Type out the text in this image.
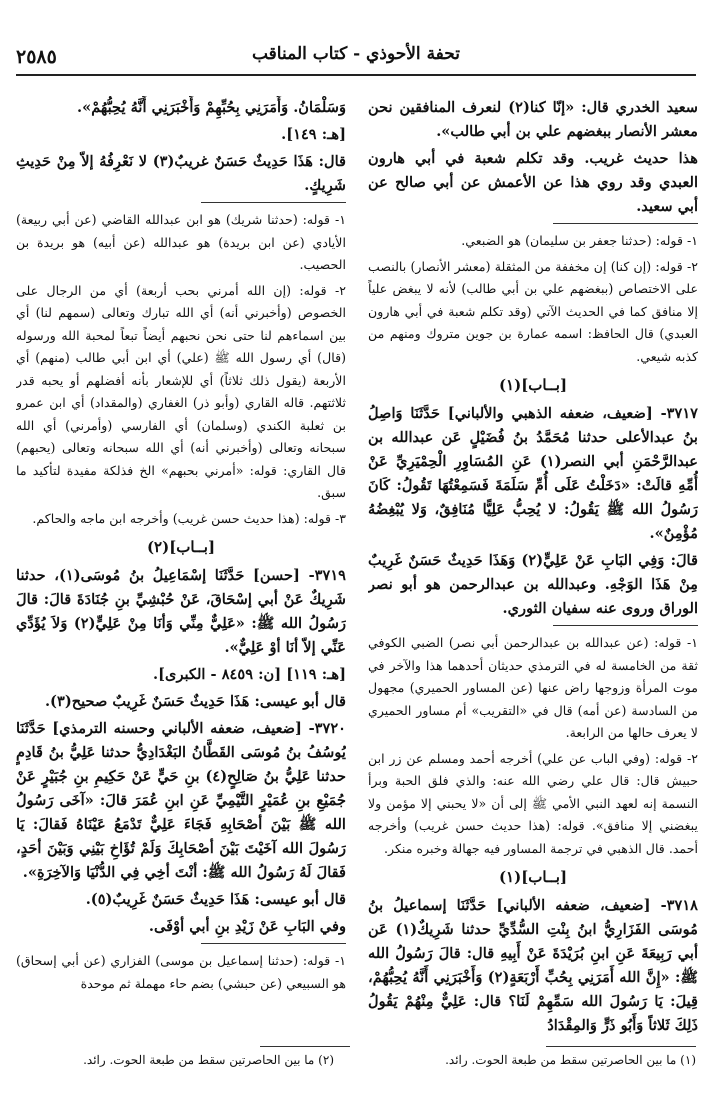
٢٥٨٥	تحفة الأحوذي - كتاب المناقب

سعيد الخدري قال: «إنّا كنا(٢) لنعرف المنافقين نحن معشر الأنصار ببغضهم علي بن أبي طالب».

هذا حديث غريب. وقد تكلم شعبة في أبي هارون العبدي وقد روي هذا عن الأعمش عن أبي صالح عن أبي سعيد.

١- قوله: (حدثنا جعفر بن سليمان) هو الضبعي.

٢- قوله: (إن كنا) إن مخففة من المثقلة (معشر الأنصار) بالنصب على الاختصاص (ببغضهم علي بن أبي طالب) لأنه لا يبغض علياً إلا منافق كما في الحديث الآتي (وقد تكلم شعبة في أبي هارون العبدي) قال الحافظ: اسمه عمارة بن جوين متروك ومنهم من كذبه شيعي.

[بــاب](١)

٣٧١٧- [ضعيف، ضعفه الذهبي والألباني] حَدَّثَنَا وَاصِلُ بنُ عبدالأعلى حدثنا مُحَمَّدُ بنُ فُضَيْلٍ عَن عبدالله بن عبدالرَّحْمَنِ أبي النصر(١) عَنِ المُسَاوِرِ الْحِمْيَرِيِّ عَنْ أُمِّهِ قالَتْ: «دَخَلْتُ عَلَى أُمِّ سَلَمَةَ فَسَمِعْتُهَا تَقُولُ: كَانَ رَسُولُ الله ﷺ يَقُولُ: لا يُحِبُّ عَلِيًّا مُنَافِقٌ، وَلا يُبْغِضُهُ مُؤْمِنٌ».

قالَ: وَفِي البَابِ عَنْ عَلِيٍّ(٢) وَهَذَا حَدِيثٌ حَسَنٌ غَرِيبٌ مِنْ هَذَا الوَجْهِ. وعبدالله بن عبدالرحمن هو أبو نصر الوراق وروى عنه سفيان الثوري.

١- قوله: (عن عبدالله بن عبدالرحمن أبي نصر) الضبي الكوفي ثقة من الخامسة له في الترمذي حديثان أحدهما هذا والآخر في موت المرأة وزوجها راض عنها (عن المساور الحميري) مجهول من السادسة (عن أمه) قال في «التقريب» أم مساور الحميري لا يعرف حالها من الرابعة.

٢- قوله: (وفي الباب عن علي) أخرجه أحمد ومسلم عن زر ابن حبيش قال: قال علي رضي الله عنه: والذي فلق الحبة وبرأ النسمة إنه لعهد النبي الأمي ﷺ إلى أن «لا يحبني إلا مؤمن ولا يبغضني إلا منافق». قوله: (هذا حديث حسن غريب) وأخرجه أحمد. قال الذهبي في ترجمة المساور فيه جهالة وخبره منكر.

[بــاب](١)

٣٧١٨- [ضعيف، ضعفه الألباني] حَدَّثَنَا إسماعيلُ بنُ مُوسَى الفَزَارِيُّ ابنُ بِنْتِ السُّدِّيِّ حدثنا شَرِيكٌ(١) عَن أبي رَبِيعَةَ عَنِ ابنِ بُرَيْدَةَ عَنْ أَبِيهِ قال: قالَ رَسُولُ الله ﷺ: «إِنَّ الله أَمَرَنِي بِحُبِّ أَرْبَعَةٍ(٢) وَأَخْبَرَنِي أَنَّهُ يُحِبُّهُمْ، قِيلَ: يَا رَسُولَ الله سَمِّهِمْ لَنَا؟ قال: عَلِيٌّ مِنْهُمْ يَقُولُ ذَلِكَ ثَلاثاً وَأَبُو ذَرٍّ وَالمِقْدَادُ

وَسَلْمَانُ. وَأَمَرَنِي بِحُبِّهِمْ وَأَخْبَرَنِي أَنَّهُ يُحِبُّهُمْ».

[هـ: ١٤٩].

قال: هَذَا حَدِيثٌ حَسَنٌ غريبٌ(٣) لا نَعْرِفُهُ إلاّ مِنْ حَدِيثِ شَرِيكٍ.

١- قوله: (حدثنا شريك) هو ابن عبدالله القاضي (عن أبي ربيعة) الأيادي (عن ابن بريدة) هو عبدالله (عن أبيه) هو بريدة بن الحصيب.

٢- قوله: (إن الله أمرني بحب أربعة) أي من الرجال على الخصوص (وأخبرني أنه) أي الله تبارك وتعالى (سمهم لنا) أي بين اسماءهم لنا حتى نحن نحبهم أيضاً تبعاً لمحبة الله ورسوله (قال) أي رسول الله ﷺ (علي) أي ابن أبي طالب (منهم) أي الأربعة (يقول ذلك ثلاثاً) أي للإشعار بأنه أفضلهم أو يحبه قدر ثلاثتهم. قاله القاري (وأبو ذر) الغفاري (والمقداد) أي ابن عمرو بن ثعلبة الكندي (وسلمان) أي الفارسي (وأمرني) أي الله سبحانه وتعالى (وأخبرني أنه) أي الله سبحانه وتعالى (يحبهم) قال القاري: قوله: «أمرني بحبهم» الخ فذلكة مفيدة لتأكيد ما سبق.

٣- قوله: (هذا حديث حسن غريب) وأخرجه ابن ماجه والحاكم.

[بــاب](٢)

٣٧١٩- [حسن] حَدَّثَنَا إسْمَاعِيلُ بنُ مُوسَى(١)، حدثنا شَرِيكٌ عَنْ أبي إسْحَاقَ، عَنْ حُبْشِيِّ بنِ جُنَادَةَ قالَ: قالَ رَسُولُ الله ﷺ: «عَلِيٌّ مِنِّي وَأنَا مِنْ عَلِيٍّ(٢) وَلاَ يُؤَدِّي عَنِّي إلاّ أنَا أوْ عَلِيٌّ».

[هـ: ١١٩] [ن: ٨٤٥٩ - الكبرى].

قال أبو عيسى: هَذَا حَدِيثٌ حَسَنٌ غَرِيبٌ صحيح(٣).

٣٧٢٠- [ضعيف، ضعفه الألباني وحسنه الترمذي] حَدَّثَنَا يُوسُفُ بنُ مُوسَى القَطَّانُ البَغْدَادِيُّ حدثنا عَلِيُّ بنُ قَادِمٍ حدثنا عَلِيُّ بنُ صَالِحٍ(٤) بنِ حَيٍّ عَنْ حَكِيمِ بنِ جُبَيْرٍ عَنْ جُمَيْعِ بنِ عُمَيْرٍ التَّيْمِيِّ عَنِ ابنِ عُمَرَ قالَ: «آخَى رَسُولُ الله ﷺ بَيْنَ أصْحَابِهِ فَجَاءَ عَلِيٌّ تَدْمَعُ عَيْنَاهُ فَقالَ: يَا رَسُولَ الله آخَيْتَ بَيْنَ أصْحَابِكَ وَلَمْ تُؤَاخِ بَيْنِي وَبَيْنَ أحَدٍ، فَقالَ لَهُ رَسُولُ الله ﷺ: أنْتَ أخِي فِي الدُّنْيَا وَالآخِرَةِ».

قال أبو عيسى: هَذَا حَدِيثٌ حَسَنٌ غَرِيبٌ(٥).

وفي البَابِ عَنْ زَيْدِ بنِ أبي أوْفَى.

١- قوله: (حدثنا إسماعيل بن موسى) الفزاري (عن أبي إسحاق) هو السبيعي (عن حبشي) بضم حاء مهملة ثم موحدة

(١) ما بين الحاصرتين سقط من طبعة الحوت. رائد.
(٢) ما بين الحاصرتين سقط من طبعة الحوت. رائد.
